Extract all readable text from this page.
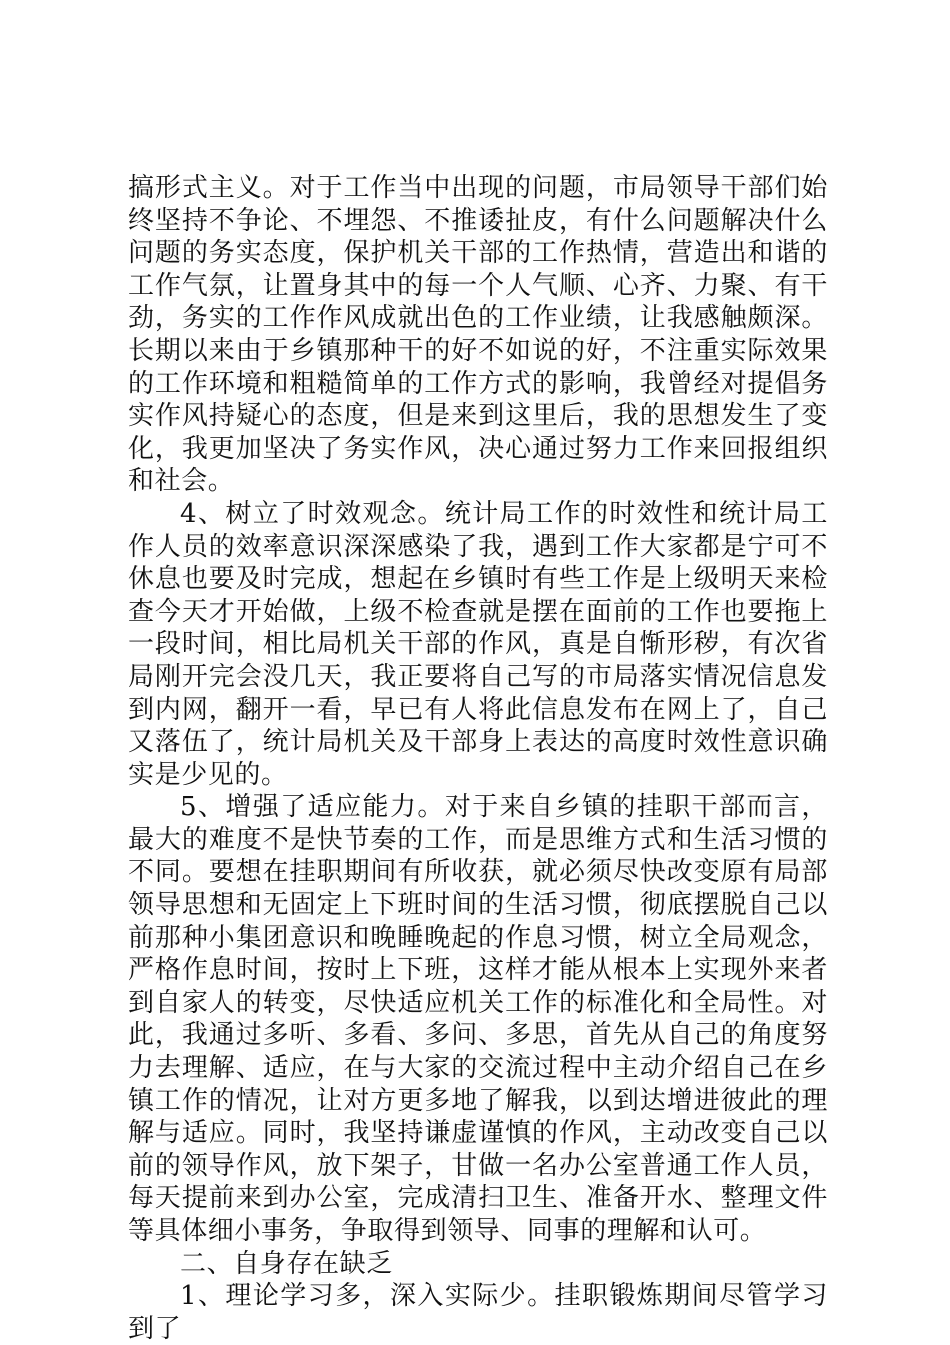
搞形式主义。对于工作当中出现的问题，市局领导干部们始终坚持不争论、不埋怨、不推诿扯皮，有什么问题解决什么问题的务实态度，保护机关干部的工作热情，营造出和谐的工作气氛，让置身其中的每一个人气顺、心齐、力聚、有干劲，务实的工作作风成就出色的工作业绩，让我感触颇深。长期以来由于乡镇那种干的好不如说的好，不注重实际效果的工作环境和粗糙简单的工作方式的影响，我曾经对提倡务实作风持疑心的态度，但是来到这里后，我的思想发生了变化，我更加坚决了务实作风，决心通过努力工作来回报组织和社会。

4、树立了时效观念。统计局工作的时效性和统计局工作人员的效率意识深深感染了我，遇到工作大家都是宁可不休息也要及时完成，想起在乡镇时有些工作是上级明天来检查今天才开始做，上级不检查就是摆在面前的工作也要拖上一段时间，相比局机关干部的作风，真是自惭形秽，有次省局刚开完会没几天，我正要将自己写的市局落实情况信息发到内网，翻开一看，早已有人将此信息发布在网上了，自己又落伍了，统计局机关及干部身上表达的高度时效性意识确实是少见的。

5、增强了适应能力。对于来自乡镇的挂职干部而言，最大的难度不是快节奏的工作，而是思维方式和生活习惯的不同。要想在挂职期间有所收获，就必须尽快改变原有局部领导思想和无固定上下班时间的生活习惯，彻底摆脱自己以前那种小集团意识和晚睡晚起的作息习惯，树立全局观念，严格作息时间，按时上下班，这样才能从根本上实现外来者到自家人的转变，尽快适应机关工作的标准化和全局性。对此，我通过多听、多看、多问、多思，首先从自己的角度努力去理解、适应，在与大家的交流过程中主动介绍自己在乡镇工作的情况，让对方更多地了解我，以到达增进彼此的理解与适应。同时，我坚持谦虚谨慎的作风，主动改变自己以前的领导作风，放下架子，甘做一名办公室普通工作人员，每天提前来到办公室，完成清扫卫生、准备开水、整理文件等具体细小事务，争取得到领导、同事的理解和认可。

二、自身存在缺乏

1、理论学习多，深入实际少。挂职锻炼期间尽管学习到了
